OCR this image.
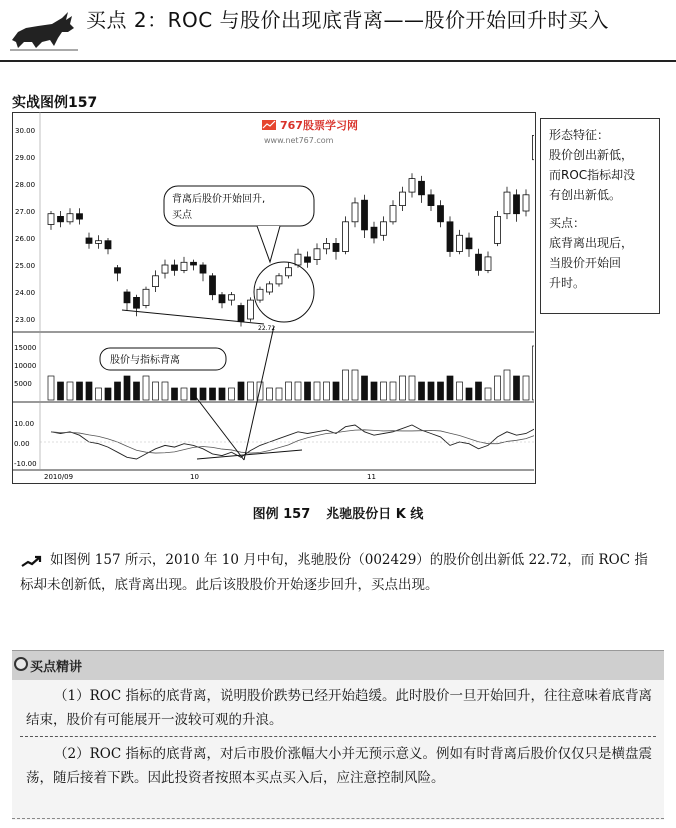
买点 2：ROC 与股价出现底背离——股价开始回升时买入
实战图例157
30.00
29.00
28.00
27.00
26.00
25.00
24.00
23.00
15000
10000
5000
10.00
0.00
-10.00
2010/09	10	11
767股票学习网
www.net767.com
背离后股价开始回升,
买点
股价与指标背离
22.72
形态特征：
股价创出新低，
而ROC指标却没
有创出新低。
买点：
底背离出现后，
当股价开始回
升时。
图例 157 兆驰股份日 K 线
如图例 157 所示，2010 年 10 月中旬，兆驰股份（002429）的股价创出新低 22.72，而 ROC 指标却未创新低，底背离出现。此后该股股价开始逐步回升，买点出现。
买点精讲
（1）ROC 指标的底背离，说明股价跌势已经开始趋缓。此时股价一旦开始回升，往往意味着底背离结束，股价有可能展开一波较可观的升浪。
（2）ROC 指标的底背离，对后市股价涨幅大小并无预示意义。例如有时背离后股价仅仅只是横盘震荡，随后接着下跌。因此投资者按照本买点买入后，应注意控制风险。
